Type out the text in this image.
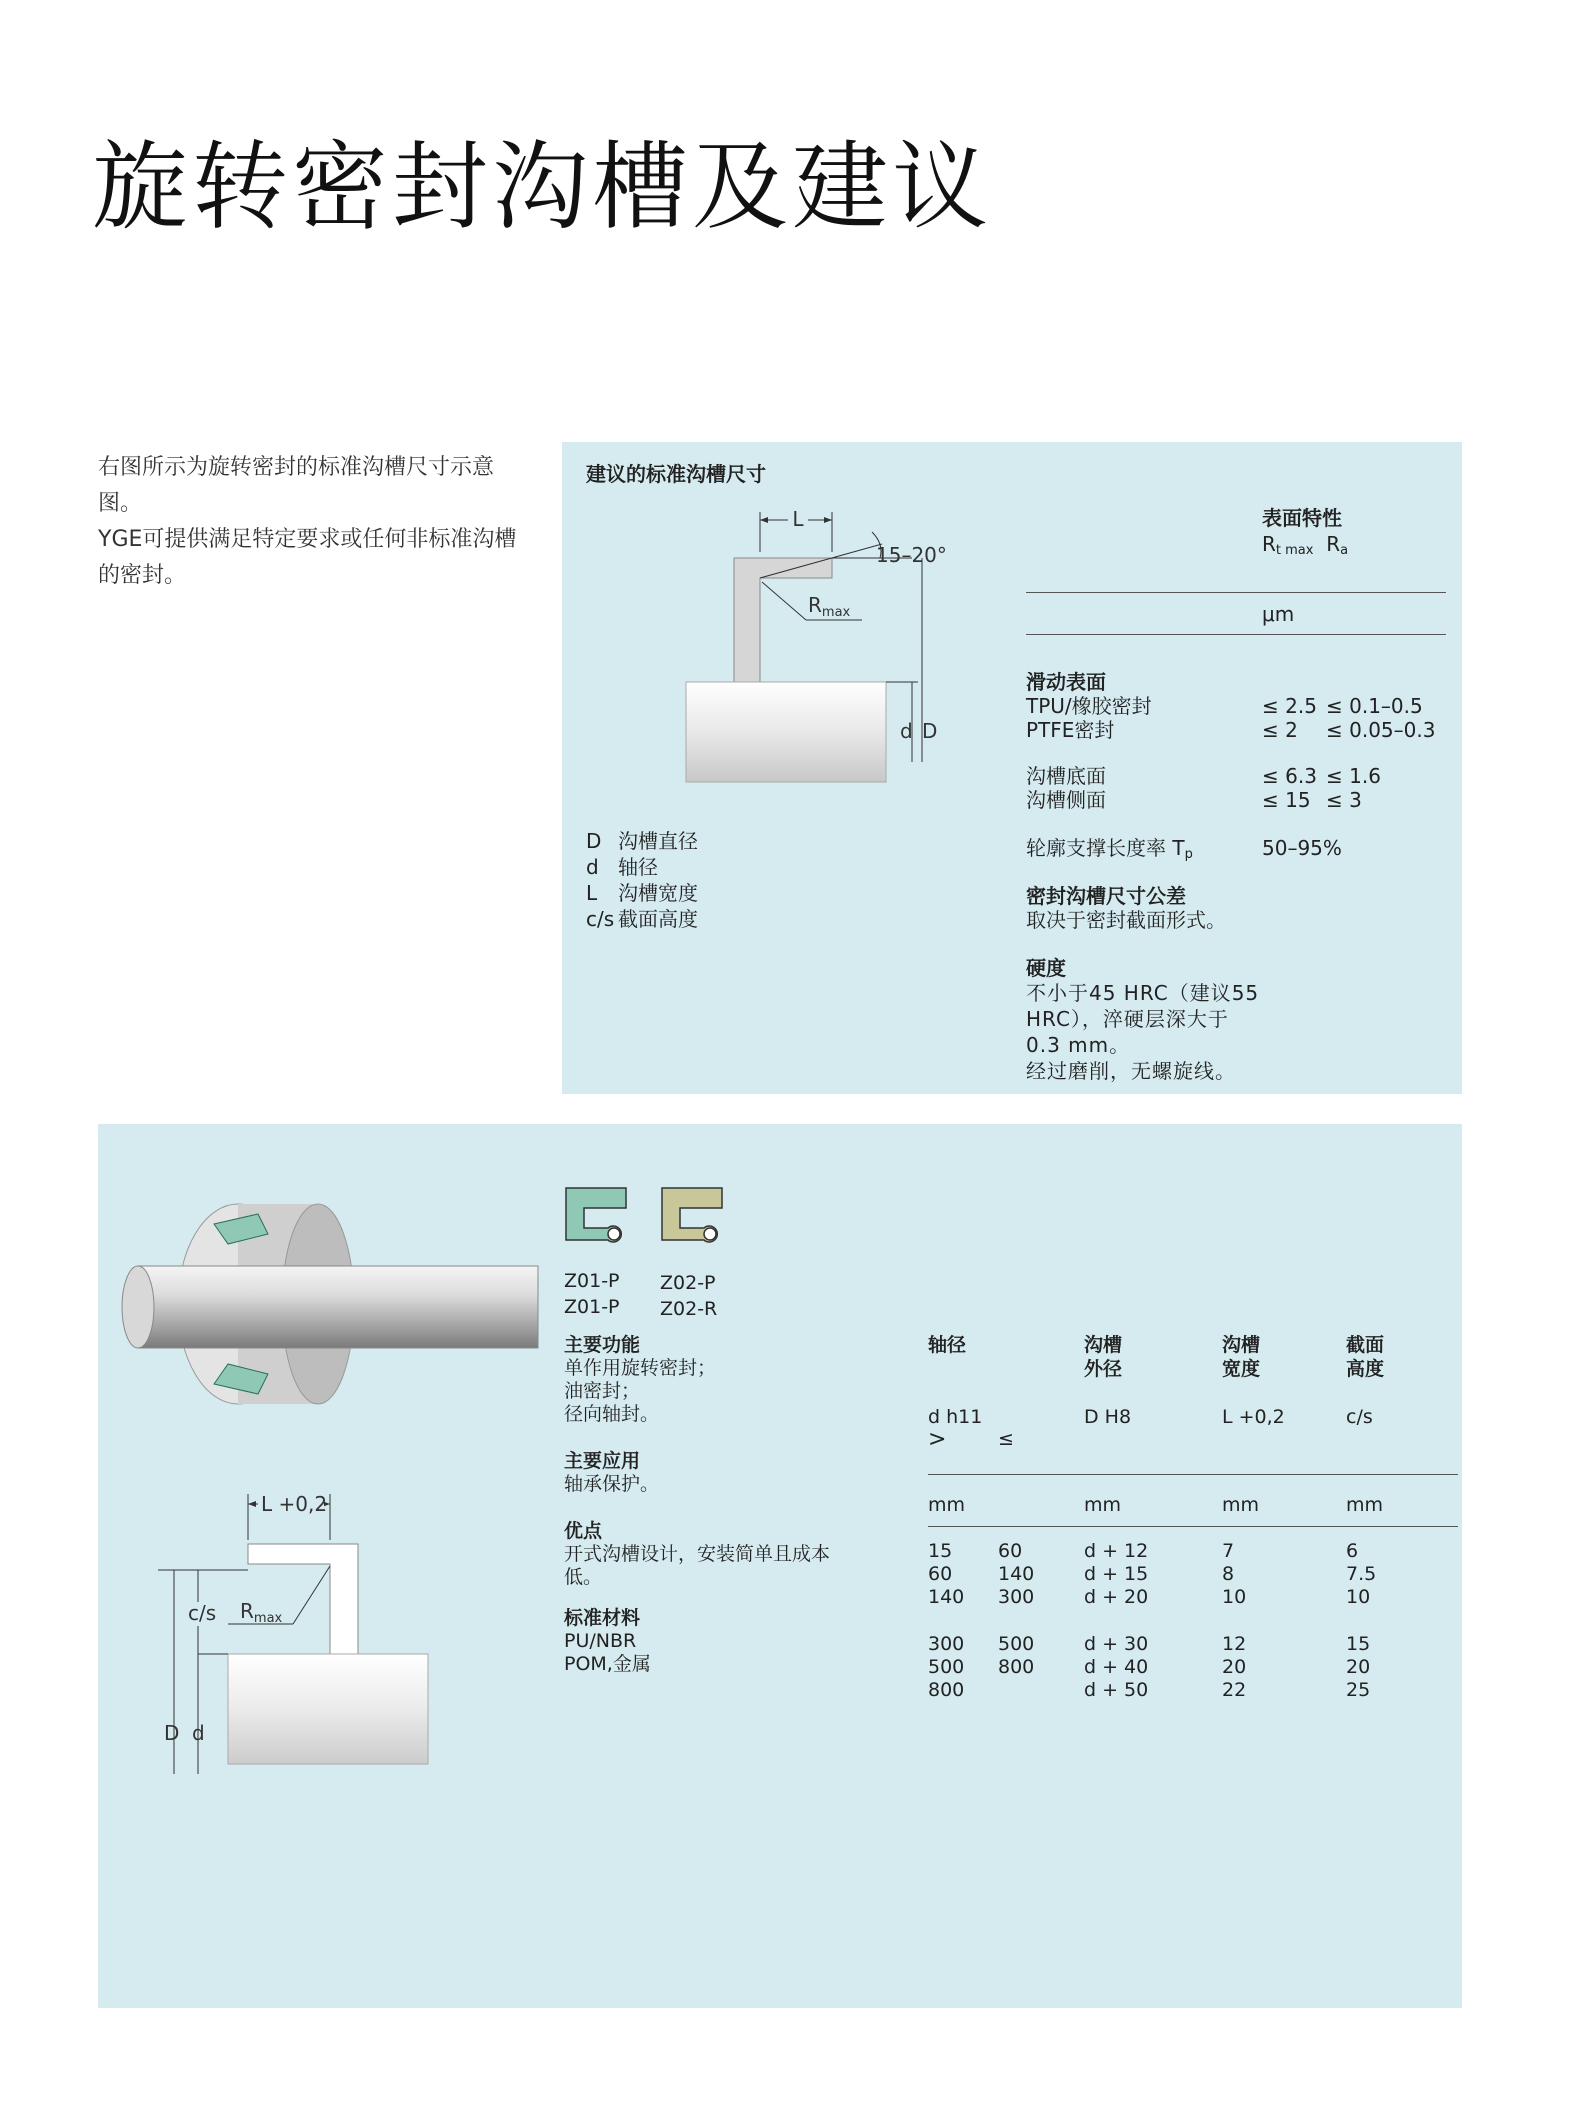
旋转密封沟槽及建议
右图所示为旋转密封的标准沟槽尺寸示意图。
YGE可提供满足特定要求或任何非标准沟槽的密封。
建议的标准沟槽尺寸
L
15–20°
$R_{max}$
d D
D 沟槽直径
d 轴径
L 沟槽宽度
c/s 截面高度
表面特性
$R_{t max}$ $R_a$
μm
滑动表面
TPU/橡胶密封	≤ 2.5 ≤ 0.1–0.5
PTFE密封	≤ 2 ≤ 0.05–0.3
沟槽底面	≤ 6.3 ≤ 1.6
沟槽侧面	≤ 15 ≤ 3
轮廓支撑长度率 $T_p$	50–95%
密封沟槽尺寸公差
取决于密封截面形式。
硬度
不小于45 HRC（建议55
HRC），淬硬层深大于
0.3 mm。
经过磨削，无螺旋线。
L +0,2
$R_{max}$
c/s
D d
Z01-P
Z01-P
Z02-P
Z02-R
主要功能
单作用旋转密封；
油密封；
径向轴封。
主要应用
轴承保护。
优点
开式沟槽设计，安装简单且成本
低。
标准材料
PU/NBR
POM,金属
轴径	沟槽	沟槽	截面
外径	宽度	高度
d h11	D H8	L +0,2	c/s
>	≤
mm	mm	mm	mm
15 60	d + 12	7	6
60 140	d + 15	8	7.5
140 300	d + 20	10	10
300 500	d + 30	12	15
500 800	d + 40	20	20
800	d + 50	22	25
